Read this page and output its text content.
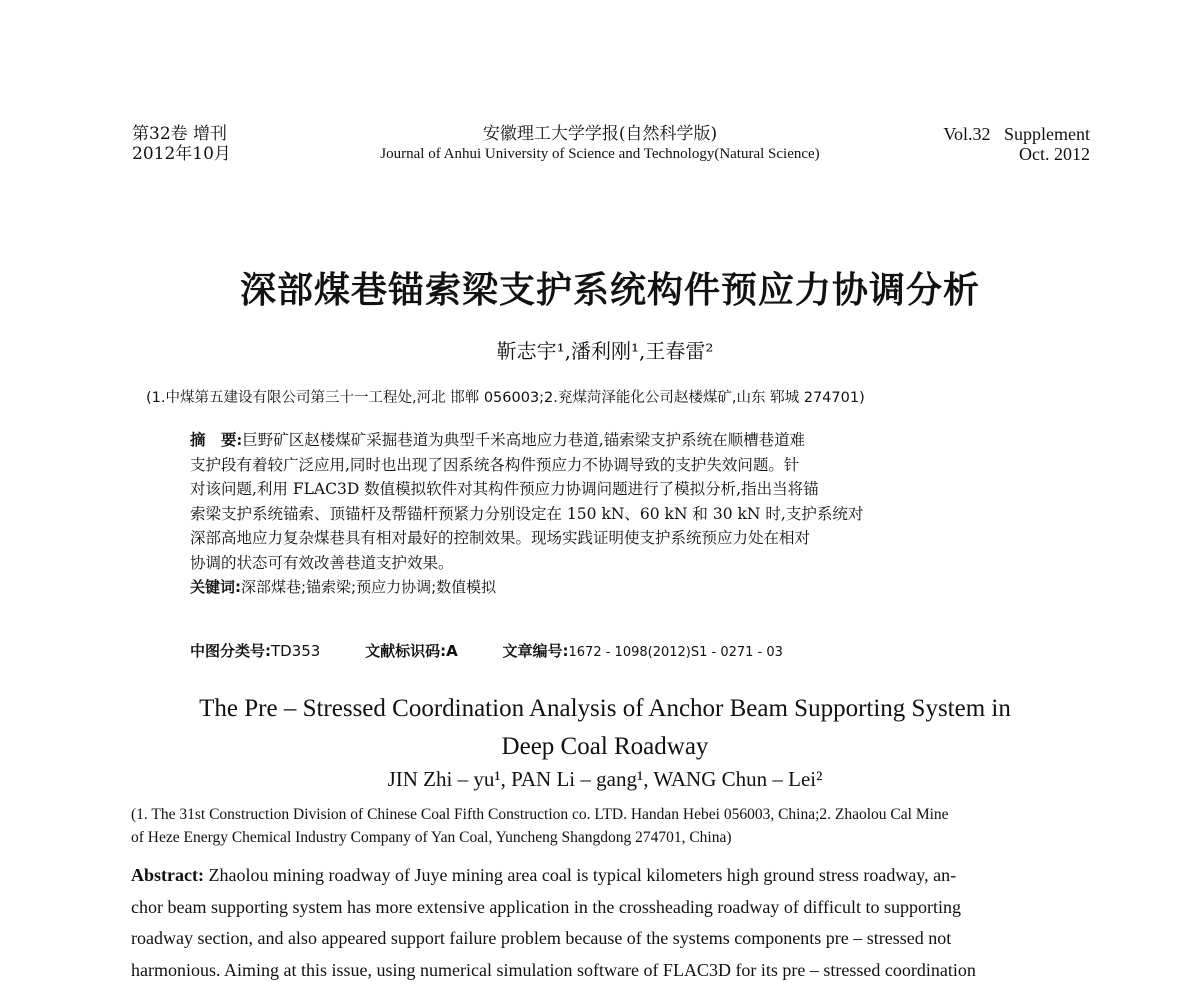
第32卷 增刊
2012年10月
安徽理工大学学报(自然科学版)
Journal of Anhui University of Science and Technology(Natural Science)
Vol.32   Supplement
Oct. 2012
深部煤巷锚索梁支护系统构件预应力协调分析
靳志宇¹,潘利刚¹,王春雷²
(1.中煤第五建设有限公司第三十一工程处,河北 邯郸 056003;2.兖煤菏泽能化公司赵楼煤矿,山东 郓城 274701)
摘　要:巨野矿区赵楼煤矿采掘巷道为典型千米高地应力巷道,锚索梁支护系统在顺槽巷道难
支护段有着较广泛应用,同时也出现了因系统各构件预应力不协调导致的支护失效问题。针
对该问题,利用 FLAC3D 数值模拟软件对其构件预应力协调问题进行了模拟分析,指出当将锚
索梁支护系统锚索、顶锚杆及帮锚杆预紧力分别设定在 150 kN、60 kN 和 30 kN 时,支护系统对
深部高地应力复杂煤巷具有相对最好的控制效果。现场实践证明使支护系统预应力处在相对
协调的状态可有效改善巷道支护效果。
关键词:深部煤巷;锚索梁;预应力协调;数值模拟
中图分类号:TD353	文献标识码:A	文章编号:1672 - 1098(2012)S1 - 0271 - 03
The Pre – Stressed Coordination Analysis of Anchor Beam Supporting System in
Deep Coal Roadway
JIN Zhi – yu¹, PAN Li – gang¹, WANG Chun – Lei²
(1. The 31st Construction Division of Chinese Coal Fifth Construction co. LTD. Handan Hebei 056003, China;2. Zhaolou Cal Mine
of Heze Energy Chemical Industry Company of Yan Coal, Yuncheng Shangdong 274701, China)
Abstract: Zhaolou mining roadway of Juye mining area coal is typical kilometers high ground stress roadway, an-
chor beam supporting system has more extensive application in the crossheading roadway of difficult to supporting
roadway section, and also appeared support failure problem because of the systems components pre – stressed not
harmonious. Aiming at this issue, using numerical simulation software of FLAC3D for its pre – stressed coordination
